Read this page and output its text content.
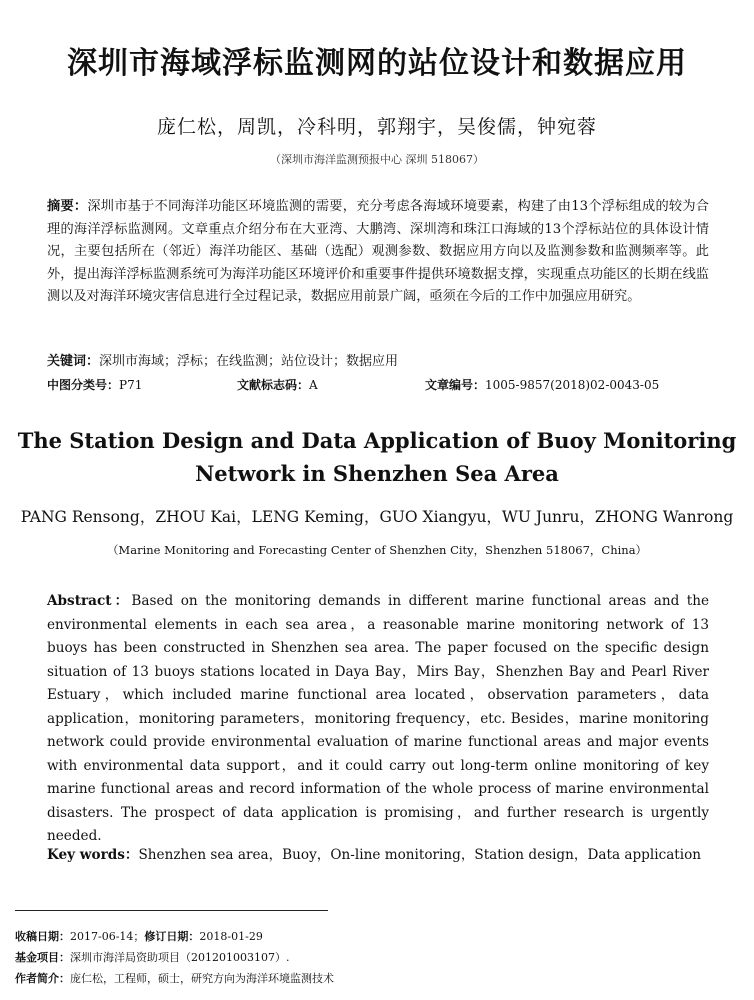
深圳市海域浮标监测网的站位设计和数据应用
庞仁松，周凯，冷科明，郭翔宇，吴俊儒，钟宛蓉
（深圳市海洋监测预报中心 深圳 518067）
摘要：深圳市基于不同海洋功能区环境监测的需要，充分考虑各海域环境要素，构建了由13个浮标组成的较为合理的海洋浮标监测网。文章重点介绍分布在大亚湾、大鹏湾、深圳湾和珠江口海域的13个浮标站位的具体设计情况，主要包括所在（邻近）海洋功能区、基础（选配）观测参数、数据应用方向以及监测参数和监测频率等。此外，提出海洋浮标监测系统可为海洋功能区环境评价和重要事件提供环境数据支撑，实现重点功能区的长期在线监测以及对海洋环境灾害信息进行全过程记录，数据应用前景广阔，亟须在今后的工作中加强应用研究。
关键词：深圳市海域；浮标；在线监测；站位设计；数据应用
中图分类号：P71	文献标志码：A	文章编号：1005-9857(2018)02-0043-05
The Station Design and Data Application of Buoy Monitoring
Network in Shenzhen Sea Area
PANG Rensong，ZHOU Kai，LENG Keming，GUO Xiangyu，WU Junru，ZHONG Wanrong
（Marine Monitoring and Forecasting Center of Shenzhen City，Shenzhen 518067，China）
Abstract：Based on the monitoring demands in different marine functional areas and the environmental elements in each sea area，a reasonable marine monitoring network of 13 buoys has been constructed in Shenzhen sea area. The paper focused on the specific design situation of 13 buoys stations located in Daya Bay，Mirs Bay，Shenzhen Bay and Pearl River Estuary，which included marine functional area located，observation parameters，data application，monitoring parameters，monitoring frequency，etc. Besides，marine monitoring network could provide environmental evaluation of marine functional areas and major events with environmental data support，and it could carry out long-term online monitoring of key marine functional areas and record information of the whole process of marine environmental disasters. The prospect of data application is promising，and further research is urgently needed.
Key words：Shenzhen sea area，Buoy，On-line monitoring，Station design，Data application
收稿日期：2017-06-14；修订日期：2018-01-29
基金项目：深圳市海洋局资助项目（201201003107）.
作者简介：庞仁松，工程师，硕士，研究方向为海洋环境监测技术
